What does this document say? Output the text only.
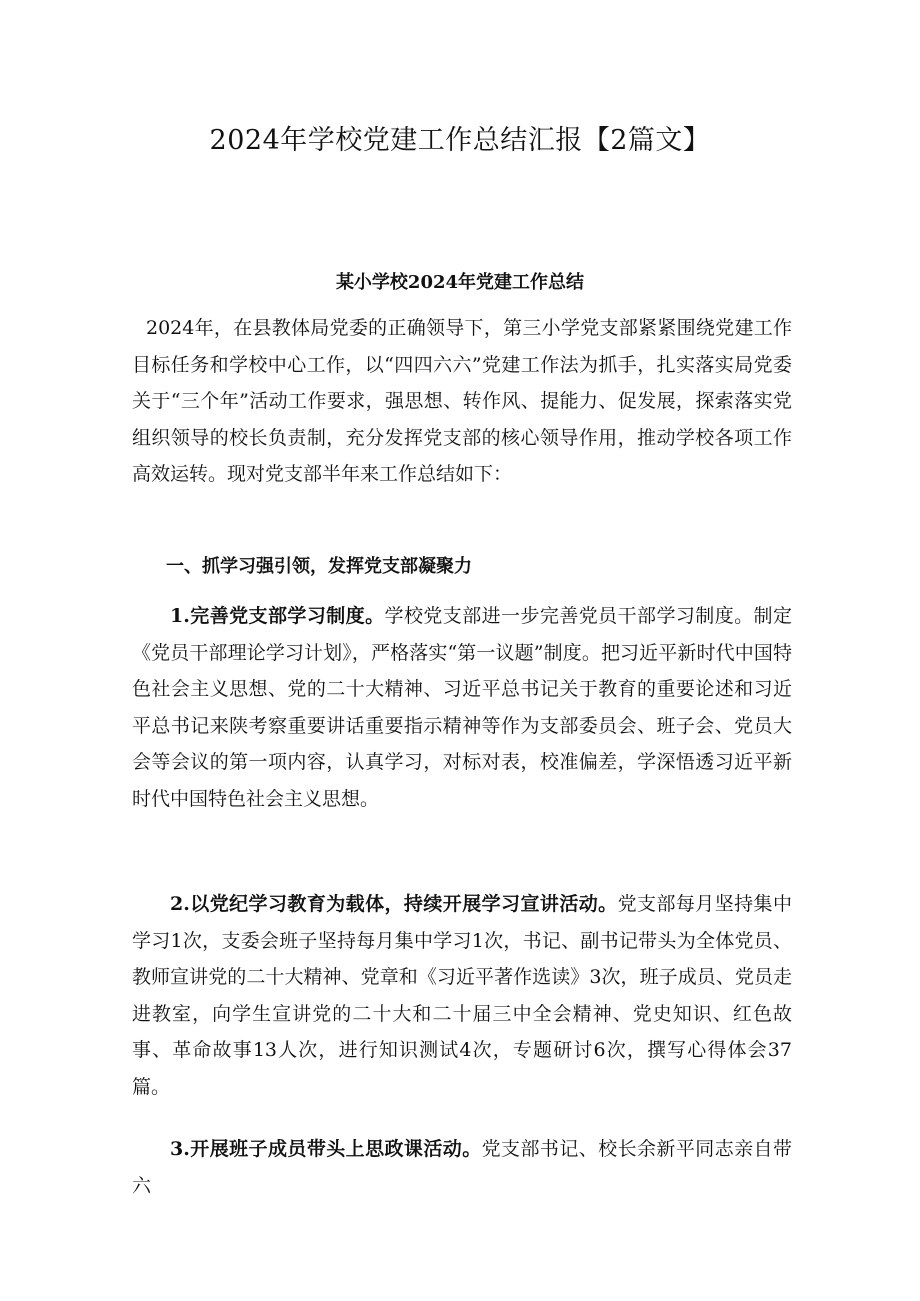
2024年学校党建工作总结汇报【2篇文】
某小学校2024年党建工作总结

2024年，在县教体局党委的正确领导下，第三小学党支部紧紧围绕党建工作目标任务和学校中心工作，以“四四六六”党建工作法为抓手，扎实落实局党委关于“三个年”活动工作要求，强思想、转作风、提能力、促发展，探索落实党组织领导的校长负责制，充分发挥党支部的核心领导作用，推动学校各项工作高效运转。现对党支部半年来工作总结如下：

一、抓学习强引领，发挥党支部凝聚力

1.完善党支部学习制度。学校党支部进一步完善党员干部学习制度。制定《党员干部理论学习计划》，严格落实“第一议题”制度。把习近平新时代中国特色社会主义思想、党的二十大精神、习近平总书记关于教育的重要论述和习近平总书记来陕考察重要讲话重要指示精神等作为支部委员会、班子会、党员大会等会议的第一项内容，认真学习，对标对表，校准偏差，学深悟透习近平新时代中国特色社会主义思想。

2.以党纪学习教育为载体，持续开展学习宣讲活动。党支部每月坚持集中学习1次，支委会班子坚持每月集中学习1次，书记、副书记带头为全体党员、教师宣讲党的二十大精神、党章和《习近平著作选读》3次，班子成员、党员走进教室，向学生宣讲党的二十大和二十届三中全会精神、党史知识、红色故事、革命故事13人次，进行知识测试4次，专题研讨6次，撰写心得体会37篇。

3.开展班子成员带头上思政课活动。党支部书记、校长余新平同志亲自带六
